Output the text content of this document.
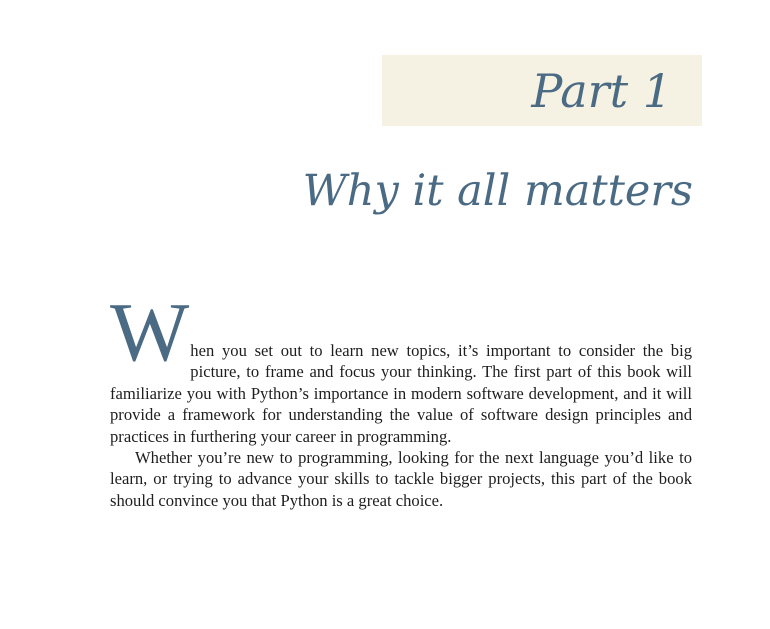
Part 1
Why it all matters

W hen you set out to learn new topics, it’s important to consider the big
picture, to frame and focus your thinking. The first part of this book will familiarize you with Python’s importance in modern software development, and it will provide a framework for understanding the value of software design principles and practices in furthering your career in programming.

Whether you’re new to programming, looking for the next language you’d like to learn, or trying to advance your skills to tackle bigger projects, this part of the book should convince you that Python is a great choice.
